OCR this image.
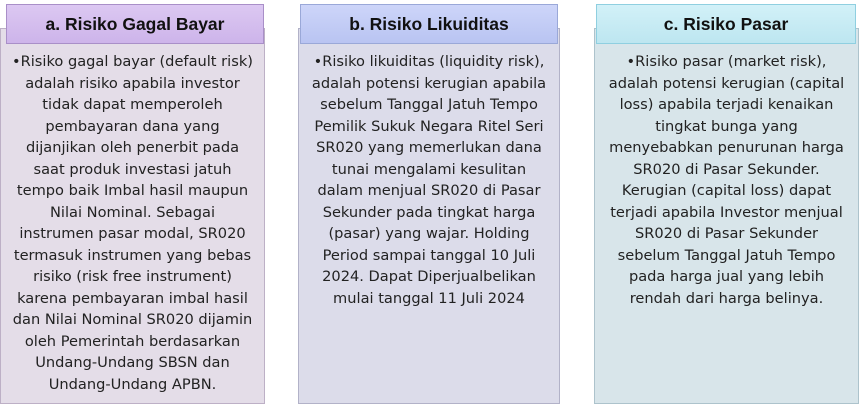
•Risiko gagal bayar (default risk) adalah risiko apabila investor tidak dapat memperoleh pembayaran dana yang dijanjikan oleh penerbit pada saat produk investasi jatuh tempo baik Imbal hasil maupun Nilai Nominal. Sebagai instrumen pasar modal, SR020 termasuk instrumen yang bebas risiko (risk free instrument) karena pembayaran imbal hasil dan Nilai Nominal SR020 dijamin oleh Pemerintah berdasarkan Undang-Undang SBSN dan Undang-Undang APBN.

a. Risiko Gagal Bayar

•Risiko likuiditas (liquidity risk), adalah potensi kerugian apabila sebelum Tanggal Jatuh Tempo Pemilik Sukuk Negara Ritel Seri SR020 yang memerlukan dana tunai mengalami kesulitan dalam menjual SR020 di Pasar Sekunder pada tingkat harga (pasar) yang wajar. Holding Period sampai tanggal 10 Juli 2024. Dapat Diperjualbelikan mulai tanggal 11 Juli 2024

b. Risiko Likuiditas

•Risiko pasar (market risk), adalah potensi kerugian (capital loss) apabila terjadi kenaikan tingkat bunga yang menyebabkan penurunan harga SR020 di Pasar Sekunder. Kerugian (capital loss) dapat terjadi apabila Investor menjual SR020 di Pasar Sekunder sebelum Tanggal Jatuh Tempo pada harga jual yang lebih rendah dari harga belinya.

c. Risiko Pasar
